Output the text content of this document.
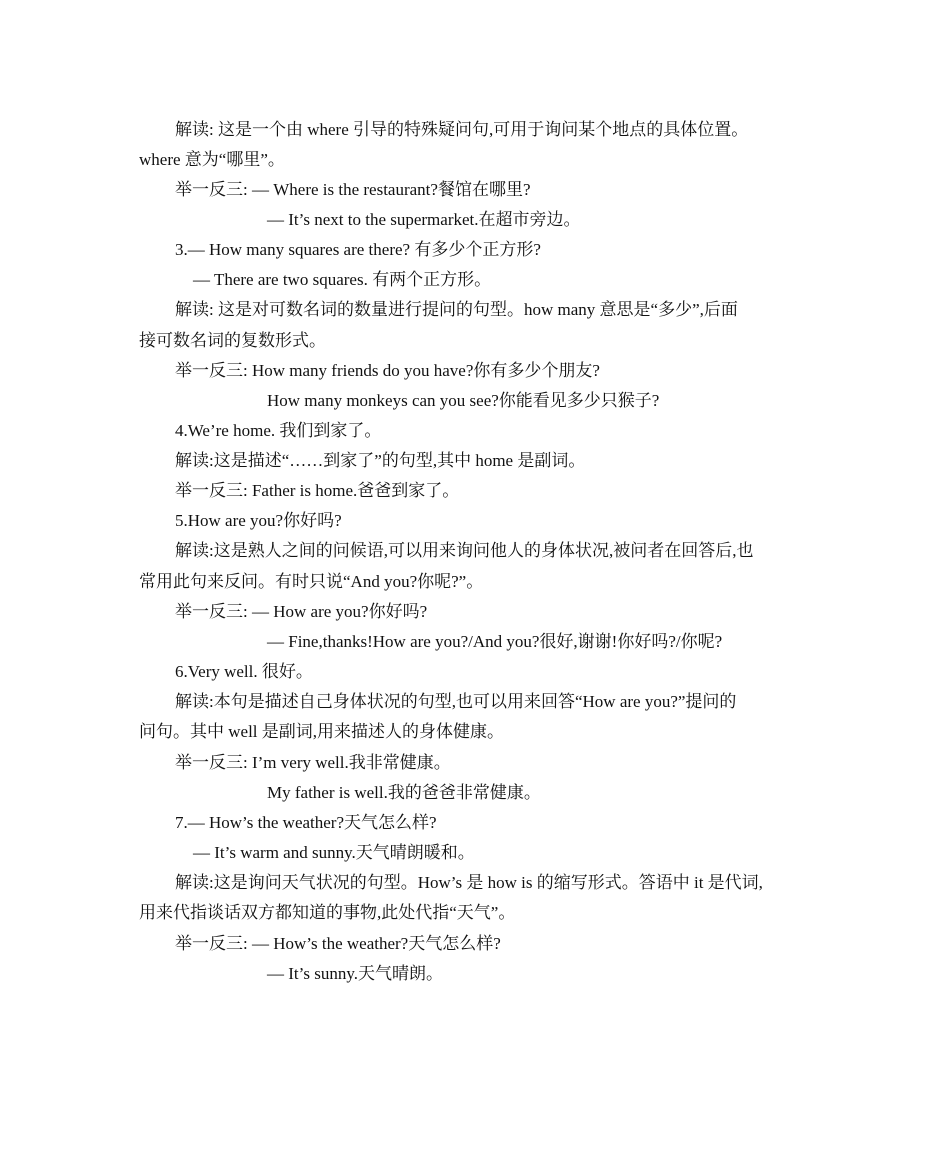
解读: 这是一个由 where 引导的特殊疑问句,可用于询问某个地点的具体位置。
where 意为“哪里”。
举一反三: — Where is the restaurant?餐馆在哪里?
— It’s next to the supermarket.在超市旁边。
3.— How many squares are there? 有多少个正方形?
— There are two squares. 有两个正方形。
解读: 这是对可数名词的数量进行提问的句型。how many 意思是“多少”,后面
接可数名词的复数形式。
举一反三: How many friends do you have?你有多少个朋友?
How many monkeys can you see?你能看见多少只猴子?
4.We’re home. 我们到家了。
解读:这是描述“……到家了”的句型,其中 home 是副词。
举一反三: Father is home.爸爸到家了。
5.How are you?你好吗?
解读:这是熟人之间的问候语,可以用来询问他人的身体状况,被问者在回答后,也
常用此句来反问。有时只说“And you?你呢?”。
举一反三: — How are you?你好吗?
— Fine,thanks!How are you?/And you?很好,谢谢!你好吗?/你呢?
6.Very well. 很好。
解读:本句是描述自己身体状况的句型,也可以用来回答“How are you?”提问的
问句。其中 well 是副词,用来描述人的身体健康。
举一反三: I’m very well.我非常健康。
My father is well.我的爸爸非常健康。
7.— How’s the weather?天气怎么样?
— It’s warm and sunny.天气晴朗暖和。
解读:这是询问天气状况的句型。How’s 是 how is 的缩写形式。答语中 it 是代词,
用来代指谈话双方都知道的事物,此处代指“天气”。
举一反三: — How’s the weather?天气怎么样?
— It’s sunny.天气晴朗。
